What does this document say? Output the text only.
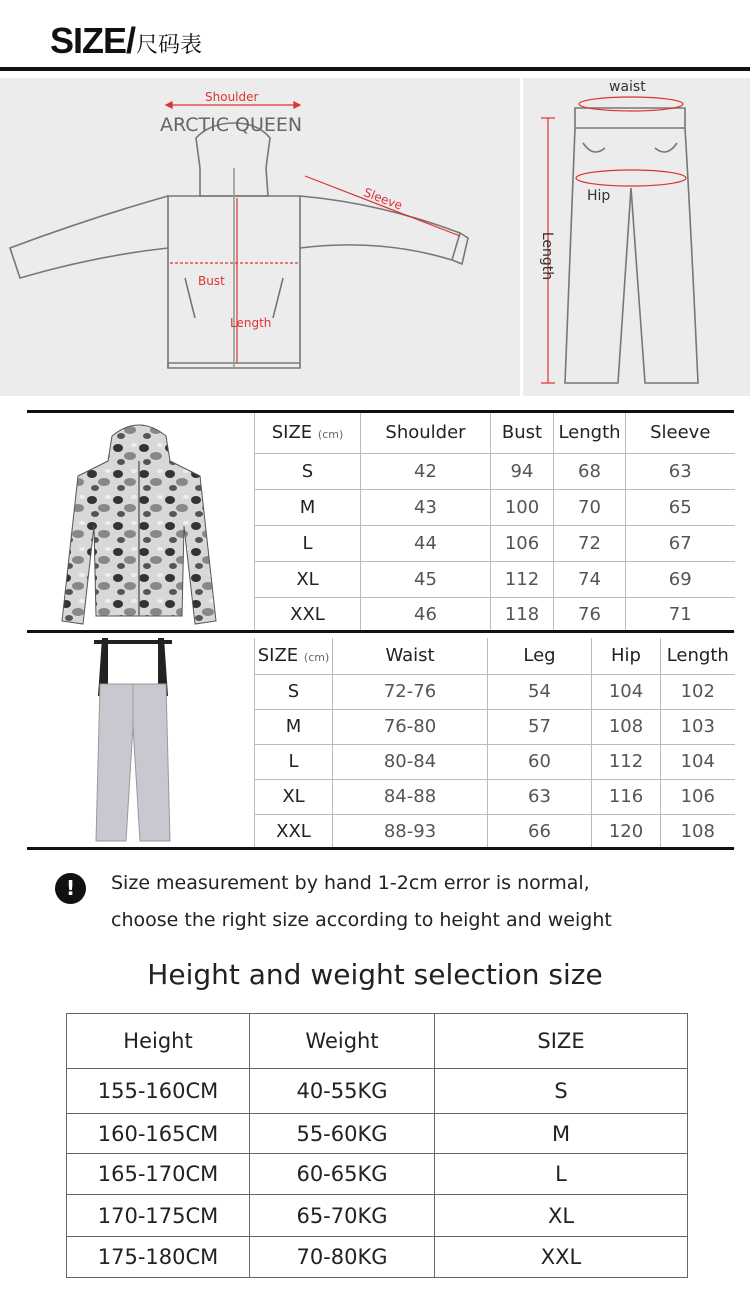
SIZE/ 尺码表
Shoulder
ARCTIC QUEEN
Sleeve
Bust
Length
waist
Hip
Length
SIZE (cm)	Shoulder	Bust	Length	Sleeve
S	42	94	68	63
M	43	100	70	65
L	44	106	72	67
XL	45	112	74	69
XXL	46	118	76	71
SIZE (cm)	Waist	Leg	Hip	Length
S	72-76	54	104	102
M	76-80	57	108	103
L	80-84	60	112	104
XL	84-88	63	116	106
XXL	88-93	66	120	108
!	Size measurement by hand 1-2cm error is normal,
choose the right size according to height and weight
Height and weight selection size
Height	Weight	SIZE
155-160CM	40-55KG	S
160-165CM	55-60KG	M
165-170CM	60-65KG	L
170-175CM	65-70KG	XL
175-180CM	70-80KG	XXL
